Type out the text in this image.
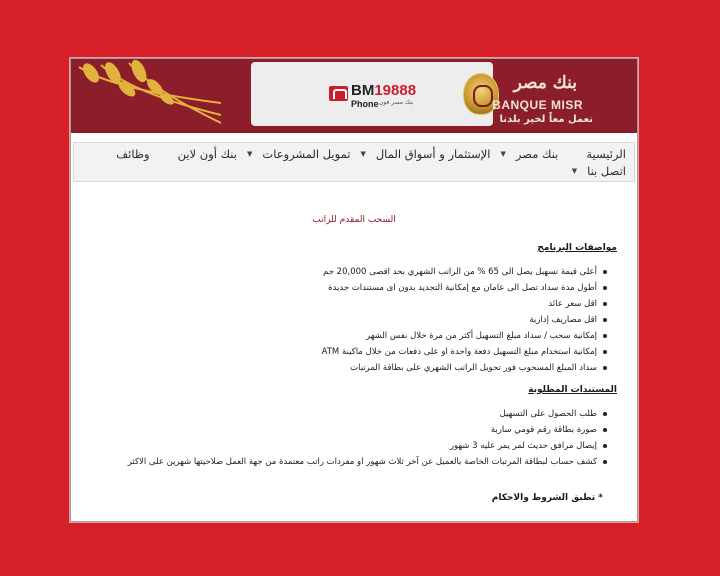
BM19888
Phone بنك مصر فون
بنك مصر
BANQUE MISR
نعمل معاً لخير بلدنا
الرئيسية
بنك مصر
▼
الإستثمار و أسواق المال
▼
تمويل المشروعات
▼
بنك أون لاين
وظائف
اتصل بنا
▼
السحب المقدم للراتب
مواصفات البرنامج
أعلى قيمة تسهيل يصل الى 65 % من الراتب الشهري بحد اقصى 20,000 جم
أطول مدة سداد تصل الى عامان مع إمكانية التجديد بدون اى مستندات جديدة
اقل سعر عائد
اقل مصاريف إدارية
إمكانية سحب / سداد مبلغ التسهيل أكثر من مرة خلال نفس الشهر
إمكانية استخدام مبلغ التسهيل دفعة واحدة او على دفعات من خلال ماكينة ATM
سداد المبلغ المسحوب فور تحويل الراتب الشهري على بطاقة المرتبات
المستندات المطلوبة
طلب الحصول على التسهيل
صورة بطاقة رقم قومي سارية
إيصال مرافق حديث لمر يمر عليه 3 شهور
كشف حساب لبطاقة المرتبات الخاصة بالعميل عن آخر ثلاث شهور او مفردات راتب معتمدة من جهة العمل صلاحيتها شهرين على الاكثر
* تطبق الشروط والاحكام
